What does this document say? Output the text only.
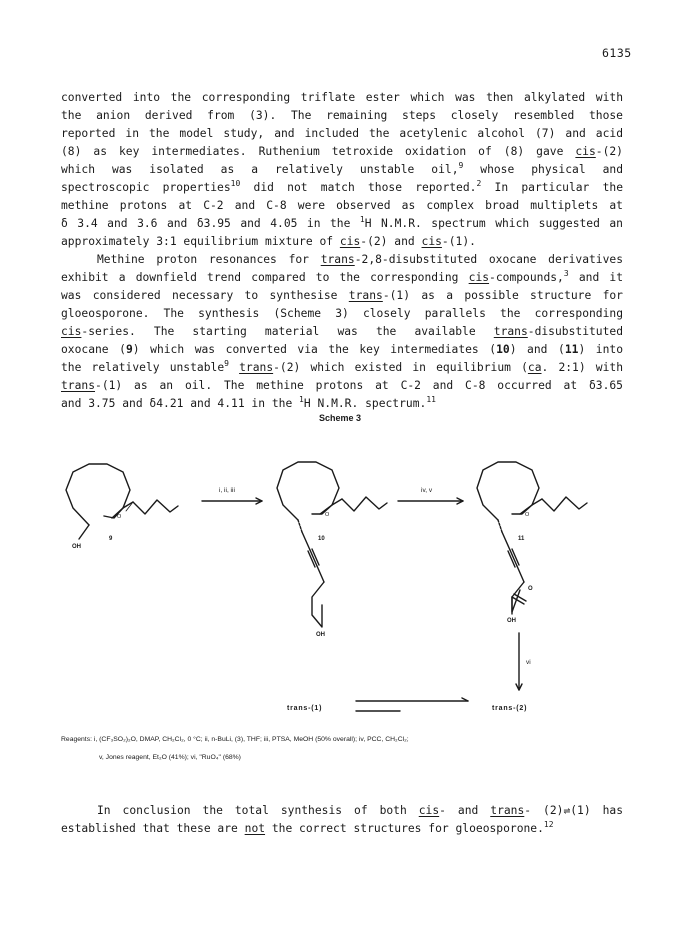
6135
converted into the corresponding triflate ester which was then alkylated with
the anion derived from (3). The remaining steps closely resembled those
reported in the model study, and included the acetylenic alcohol (7) and acid
(8) as key intermediates. Ruthenium tetroxide oxidation of (8) gave cis-(2)
which was isolated as a relatively unstable oil,$^9$ whose physical and
spectroscopic properties$^{10}$ did not match those reported.$^2$ In particular the
methine protons at C-2 and C-8 were observed as complex broad multiplets at
δ 3.4 and 3.6 and δ3.95 and 4.05 in the $^1$H N.M.R. spectrum which suggested an
approximately 3:1 equilibrium mixture of cis-(2) and cis-(1).
Methine proton resonances for trans-2,8-disubstituted oxocane derivatives
exhibit a downfield trend compared to the corresponding cis-compounds,$^3$ and it
was considered necessary to synthesise trans-(1) as a possible structure for
gloeosporone. The synthesis (Scheme 3) closely parallels the corresponding
cis-series. The starting material was the available trans-disubstituted
oxocane (9) which was converted via the key intermediates (10) and (11) into
the relatively unstable$^9$ trans-(2) which existed in equilibrium (ca. 2:1) with
trans-(1) as an oil. The methine protons at C-2 and C-8 occurred at δ3.65
and 3.75 and δ4.21 and 4.11 in the $^1$H N.M.R. spectrum.$^{11}$
Scheme 3
i, ii, iii	iv, v
vi
O	O	O
OH
OH
OH
O
9	10	11
trans-(1)	trans-(2)
Reagents: i, (CF₃SO₂)₂O, DMAP, CH₂Cl₂, 0 °C; ii, n-BuLi, (3), THF; iii, PTSA, MeOH (50% overall); iv, PCC, CH₂Cl₂;
v, Jones reagent, Et₂O (41%); vi, "RuO₄" (68%)
In conclusion the total synthesis of both cis- and trans- (2)⇌(1) has
established that these are not the correct structures for gloeosporone.$^{12}$
